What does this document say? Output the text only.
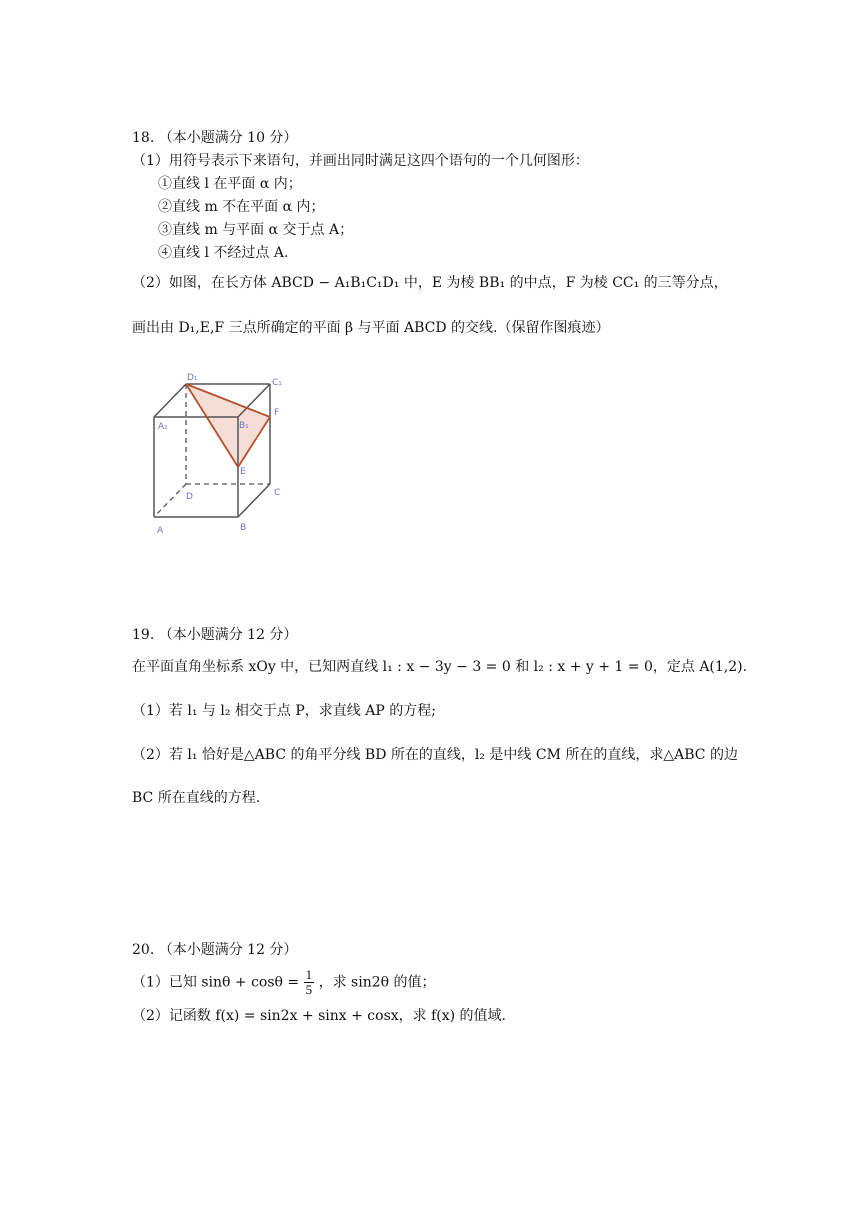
18. （本小题满分 10 分）
（1）用符号表示下来语句，并画出同时满足这四个语句的一个几何图形：
①直线 l 在平面 α 内；
②直线 m 不在平面 α 内；
③直线 m 与平面 α 交于点 A；
④直线 l 不经过点 A.
（2）如图，在长方体 ABCD − A₁B₁C₁D₁ 中，E 为棱 BB₁ 的中点，F 为棱 CC₁ 的三等分点，
画出由 D₁,E,F 三点所确定的平面 β 与平面 ABCD 的交线.（保留作图痕迹）
D₁	C₁
A₁	B₁
F
E
D	C
A	B
19. （本小题满分 12 分）
在平面直角坐标系 xOy 中，已知两直线 l₁ : x − 3y − 3 = 0 和 l₂ : x + y + 1 = 0，定点 A(1,2).
（1）若 l₁ 与 l₂ 相交于点 P，求直线 AP 的方程;
（2）若 l₁ 恰好是△ABC 的角平分线 BD 所在的直线，l₂ 是中线 CM 所在的直线，求△ABC 的边
BC 所在直线的方程.
20. （本小题满分 12 分）
（1）已知 $\sin\theta + \cos\theta = \frac{1}{5}$ ，求 sin2θ 的值；
（2）记函数 f(x) = sin2x + sinx + cosx，求 f(x) 的值域.
